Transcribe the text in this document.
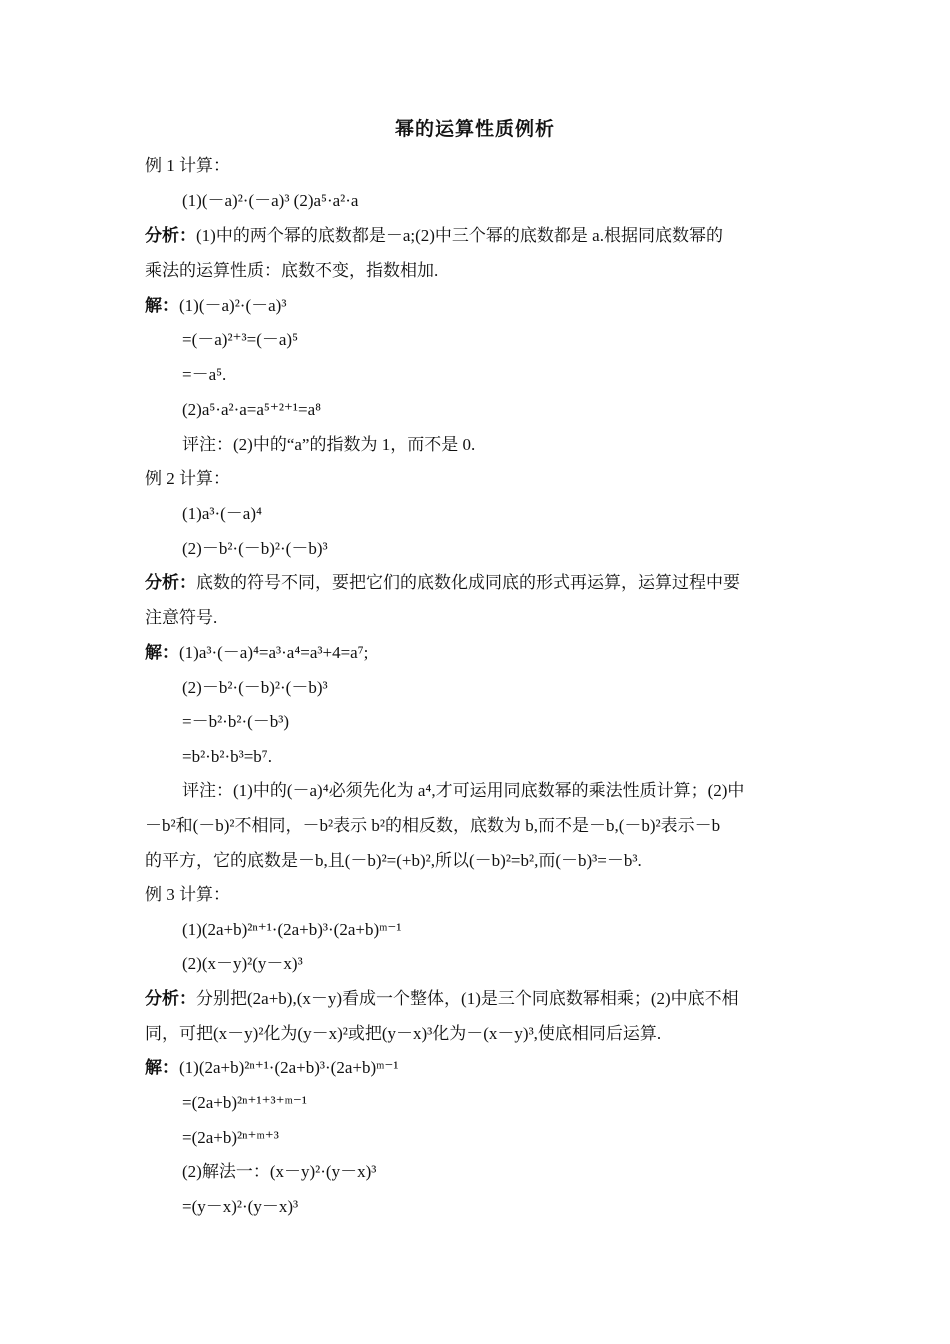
幂的运算性质例析
例 1 计算：
(1)(－a)²·(－a)³ (2)a⁵·a²·a
分析：(1)中的两个幂的底数都是－a;(2)中三个幂的底数都是 a.根据同底数幂的
乘法的运算性质：底数不变，指数相加.
解：(1)(－a)²·(－a)³
=(－a)²⁺³=(－a)⁵
=－a⁵.
(2)a⁵·a²·a=a⁵⁺²⁺¹=a⁸
评注：(2)中的“a”的指数为 1，而不是 0.
例 2 计算：
(1)a³·(－a)⁴
(2)－b²·(－b)²·(－b)³
分析：底数的符号不同，要把它们的底数化成同底的形式再运算，运算过程中要
注意符号.
解：(1)a³·(－a)⁴=a³·a⁴=a³+4=a⁷;
(2)－b²·(－b)²·(－b)³
=－b²·b²·(－b³)
=b²·b²·b³=b⁷.
评注：(1)中的(－a)⁴必须先化为 a⁴,才可运用同底数幂的乘法性质计算；(2)中
－b²和(－b)²不相同，－b²表示 b²的相反数，底数为 b,而不是－b,(－b)²表示－b
的平方，它的底数是－b,且(－b)²=(+b)²,所以(－b)²=b²,而(－b)³=－b³.
例 3 计算：
(1)(2a+b)²ⁿ⁺¹·(2a+b)³·(2a+b)ᵐ⁻¹
(2)(x－y)²(y－x)³
分析：分别把(2a+b),(x－y)看成一个整体，(1)是三个同底数幂相乘；(2)中底不相
同，可把(x－y)²化为(y－x)²或把(y－x)³化为－(x－y)³,使底相同后运算.
解：(1)(2a+b)²ⁿ⁺¹·(2a+b)³·(2a+b)ᵐ⁻¹
=(2a+b)²ⁿ⁺¹⁺³⁺ᵐ⁻¹
=(2a+b)²ⁿ⁺ᵐ⁺³
(2)解法一：(x－y)²·(y－x)³
=(y－x)²·(y－x)³
